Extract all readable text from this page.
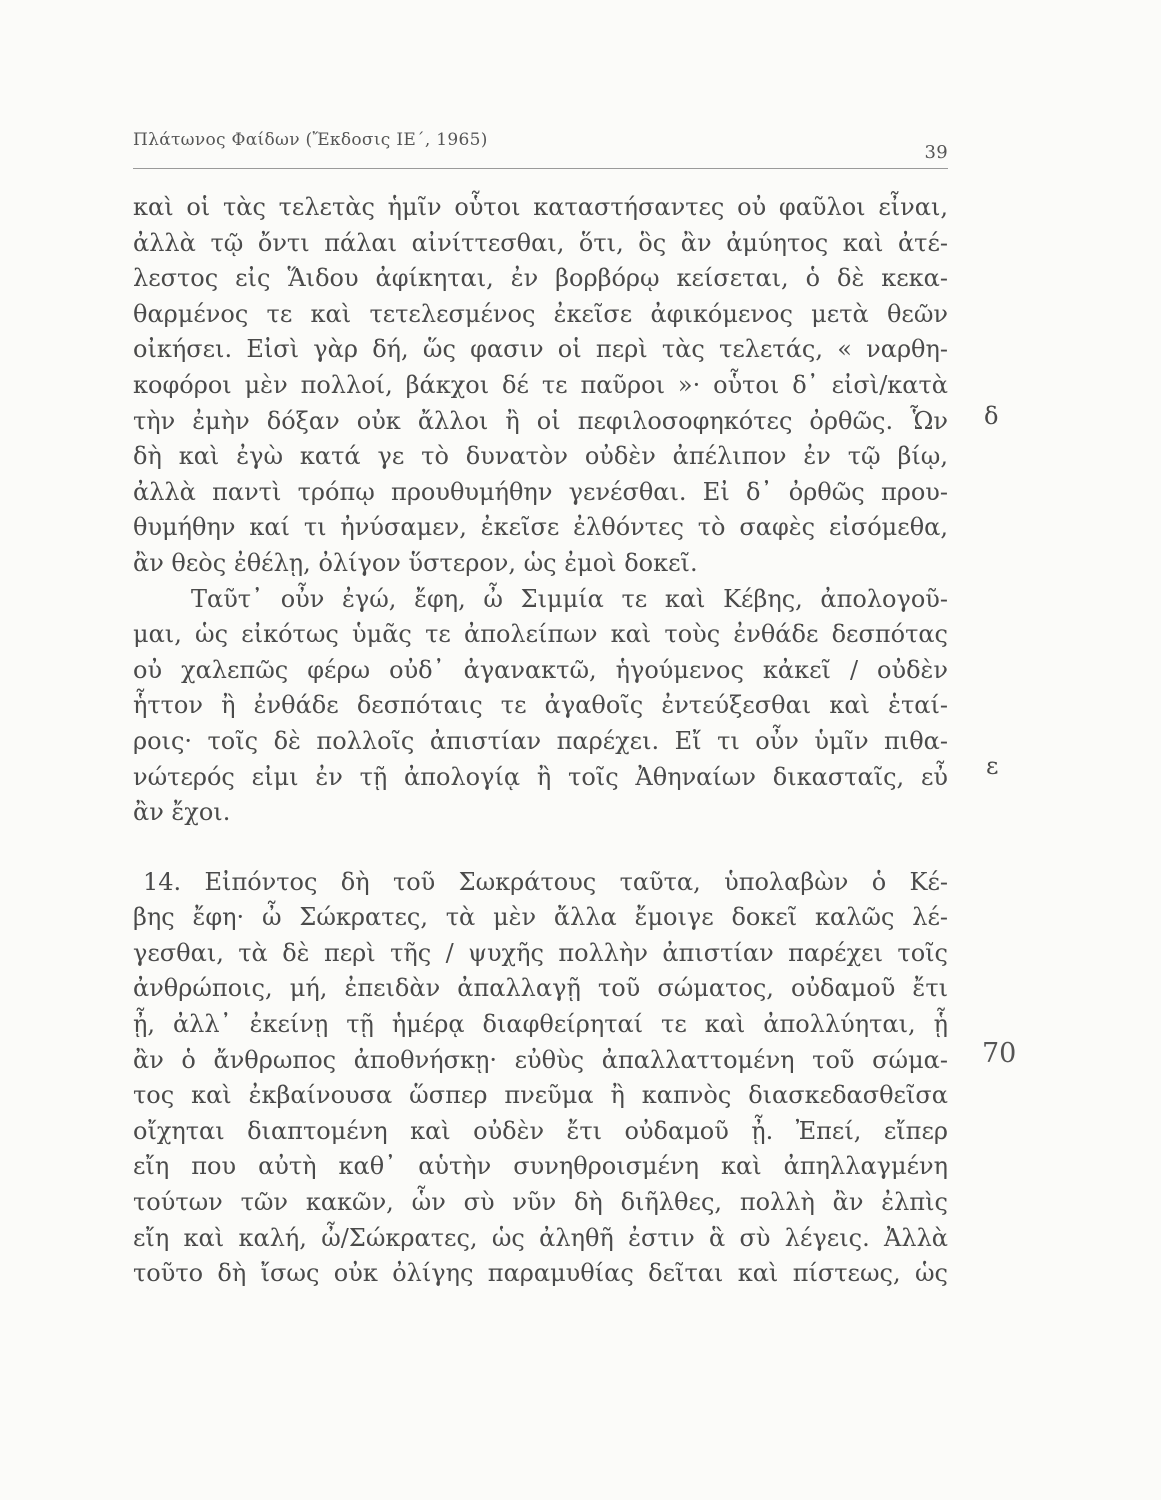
Πλάτωνος Φαίδων (Ἔκδοσις ΙΕ΄, 1965)
39
καὶ οἱ τὰς τελετὰς ἡμῖν οὗτοι καταστήσαντες οὐ φαῦλοι εἶναι,
ἀλλὰ τῷ ὄντι πάλαι αἰνίττεσθαι, ὅτι, ὃς ἂν ἀμύητος καὶ ἀτέ-
λεστος εἰς Ἅιδου ἀφίκηται, ἐν βορβόρῳ κείσεται, ὁ δὲ κεκα-
θαρμένος τε καὶ τετελεσμένος ἐκεῖσε ἀφικόμενος μετὰ θεῶν
οἰκήσει. Εἰσὶ γὰρ δή, ὥς φασιν οἱ περὶ τὰς τελετάς, « ναρθη-
κοφόροι μὲν πολλοί, βάκχοι δέ τε παῦροι »· οὗτοι δ᾽ εἰσὶ/κατὰ
τὴν ἐμὴν δόξαν οὐκ ἄλλοι ἢ οἱ πεφιλοσοφηκότες ὀρθῶς. Ὧν
δὴ καὶ ἐγὼ κατά γε τὸ δυνατὸν οὐδὲν ἀπέλιπον ἐν τῷ βίῳ,
ἀλλὰ παντὶ τρόπῳ προυθυμήθην γενέσθαι. Εἰ δ᾽ ὀρθῶς πρου-
θυμήθην καί τι ἠνύσαμεν, ἐκεῖσε ἐλθόντες τὸ σαφὲς εἰσόμεθα,
ἂν θεὸς ἐθέλῃ, ὀλίγον ὕστερον, ὡς ἐμοὶ δοκεῖ.
Ταῦτ᾽ οὖν ἐγώ, ἔφη, ὦ Σιμμία τε καὶ Κέβης, ἀπολογοῦ-
μαι, ὡς εἰκότως ὑμᾶς τε ἀπολείπων καὶ τοὺς ἐνθάδε δεσπότας
οὐ χαλεπῶς φέρω οὐδ᾽ ἀγανακτῶ, ἡγούμενος κἀκεῖ / οὐδὲν
ἧττον ἢ ἐνθάδε δεσπόταις τε ἀγαθοῖς ἐντεύξεσθαι καὶ ἑταί-
ροις· τοῖς δὲ πολλοῖς ἀπιστίαν παρέχει. Εἴ τι οὖν ὑμῖν πιθα-
νώτερός εἰμι ἐν τῇ ἀπολογίᾳ ἢ τοῖς Ἀθηναίων δικασταῖς, εὖ
ἂν ἔχοι.
14. Εἰπόντος δὴ τοῦ Σωκράτους ταῦτα, ὑπολαβὼν ὁ Κέ-
βης ἔφη· ὦ Σώκρατες, τὰ μὲν ἄλλα ἔμοιγε δοκεῖ καλῶς λέ-
γεσθαι, τὰ δὲ περὶ τῆς / ψυχῆς πολλὴν ἀπιστίαν παρέχει τοῖς
ἀνθρώποις, μή, ἐπειδὰν ἀπαλλαγῇ τοῦ σώματος, οὐδαμοῦ ἔτι
ᾖ, ἀλλ᾽ ἐκείνῃ τῇ ἡμέρᾳ διαφθείρηταί τε καὶ ἀπολλύηται, ᾗ
ἂν ὁ ἄνθρωπος ἀποθνήσκῃ· εὐθὺς ἀπαλλαττομένη τοῦ σώμα-
τος καὶ ἐκβαίνουσα ὥσπερ πνεῦμα ἢ καπνὸς διασκεδασθεῖσα
οἴχηται διαπτομένη καὶ οὐδὲν ἔτι οὐδαμοῦ ᾖ. Ἐπεί, εἴπερ
εἴη που αὐτὴ καθ᾽ αὑτὴν συνηθροισμένη καὶ ἀπηλλαγμένη
τούτων τῶν κακῶν, ὧν σὺ νῦν δὴ διῆλθες, πολλὴ ἂν ἐλπὶς
εἴη καὶ καλή, ὦ/Σώκρατες, ὡς ἀληθῆ ἐστιν ἃ σὺ λέγεις. Ἀλλὰ
τοῦτο δὴ ἴσως οὐκ ὀλίγης παραμυθίας δεῖται καὶ πίστεως, ὡς
δ
ε
70
